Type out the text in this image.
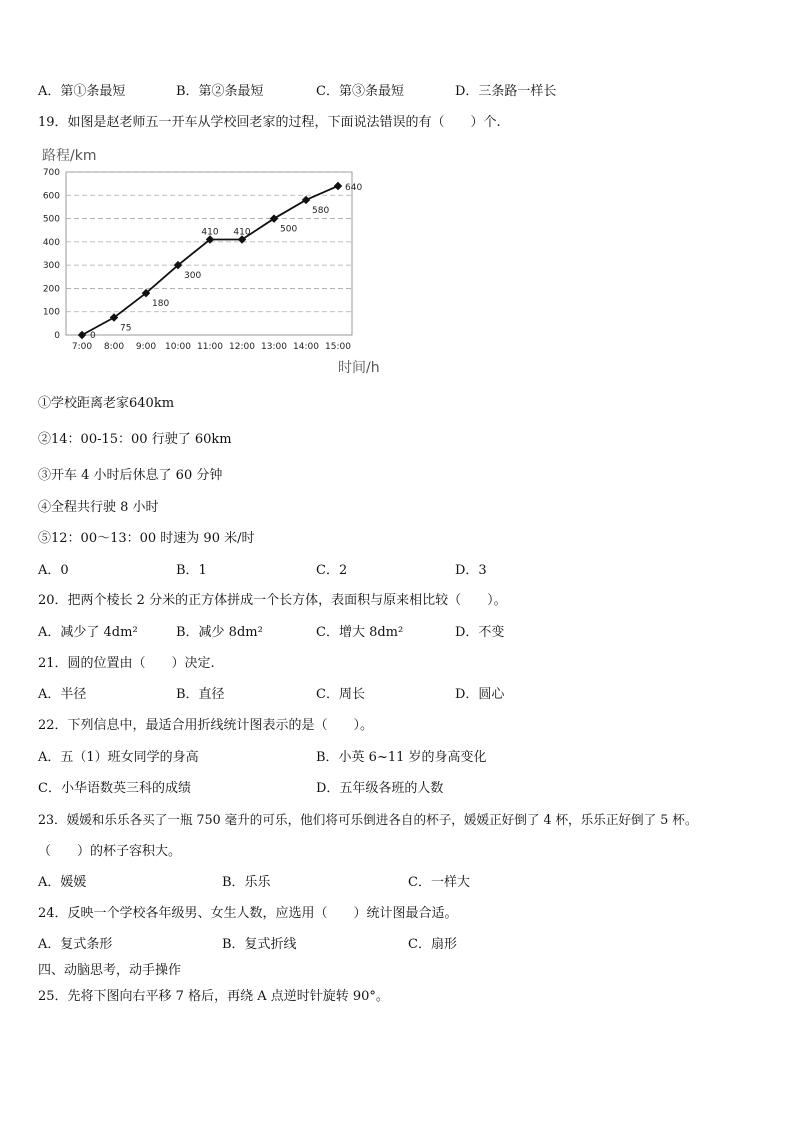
A．第①条最短	B．第②条最短	C．第③条最短	D．三条路一样长
19．如图是赵老师五一开车从学校回老家的过程，下面说法错误的有（　　）个.
路程/km
时间/h
0
100
200
300
400
500
600
700
7:00 8:00 9:00 10:00 11:00 12:00 13:00 14:00 15:00
0
75
180
300
410 410	500
580
640
①学校距离老家640km
②14：00-15：00 行驶了 60km
③开车 4 小时后休息了 60 分钟
④全程共行驶 8 小时
⑤12：00～13：00 时速为 90 米/时
A．0	B．1	C．2	D．3
20．把两个棱长 2 分米的正方体拼成一个长方体，表面积与原来相比较（　　）。
A．减少了 4dm²	B．减少 8dm²	C．增大 8dm²	D．不变
21．圆的位置由（　　）决定.
A．半径	B．直径	C．周长	D．圆心
22．下列信息中，最适合用折线统计图表示的是（　　）。
A．五（1）班女同学的身高	B．小英 6~11 岁的身高变化
C．小华语数英三科的成绩	D．五年级各班的人数
23．媛媛和乐乐各买了一瓶 750 毫升的可乐，他们将可乐倒进各自的杯子，媛媛正好倒了 4 杯，乐乐正好倒了 5 杯。
（　　）的杯子容积大。
A．媛媛	B．乐乐	C．一样大
24．反映一个学校各年级男、女生人数，应选用（　　）统计图最合适。
A．复式条形	B．复式折线	C．扇形
四、动脑思考，动手操作
25．先将下图向右平移 7 格后，再绕 A 点逆时针旋转 90°。
